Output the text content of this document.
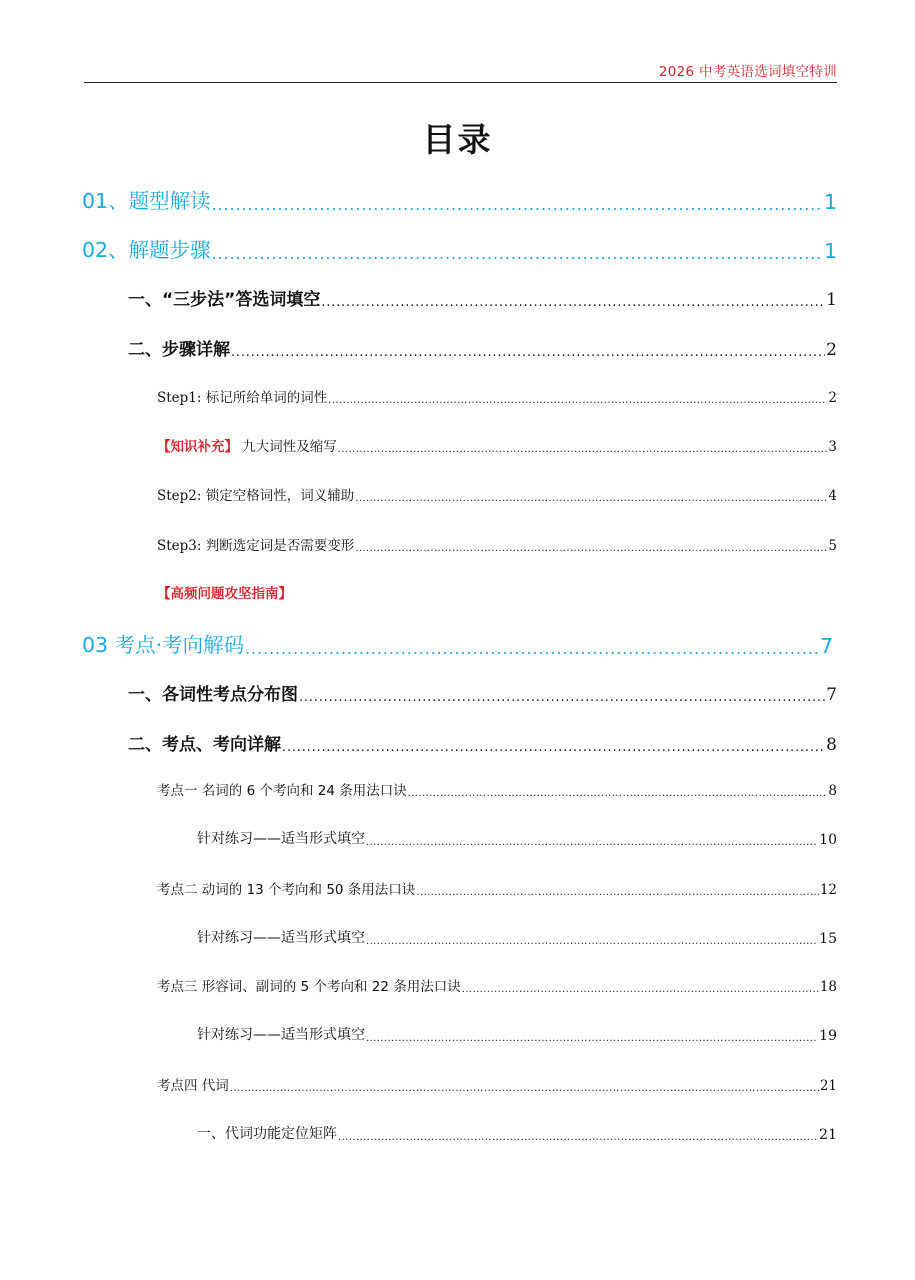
2026 中考英语选词填空特训
目录
01、题型解读 .....	1
02、解题步骤 .....	1
一、“三步法”答选词填空 .....	1
二、步骤详解 .....	2
Step1: 标记所给单词的词性 .....	2
【知识补充】 九大词性及缩写 .....	3
Step2: 锁定空格词性，词义辅助 .....	4
Step3: 判断选定词是否需要变形 .....	5
【高频问题攻坚指南】
03 考点·考向解码 .....	7
一、各词性考点分布图 .....	7
二、考点、考向详解 .....	8
考点一 名词的 6 个考向和 24 条用法口诀 .....	8
针对练习——适当形式填空 .....	10
考点二 动词的 13 个考向和 50 条用法口诀 .....	12
针对练习——适当形式填空 .....	15
考点三 形容词、副词的 5 个考向和 22 条用法口诀 .....	18
针对练习——适当形式填空 .....	19
考点四 代词 .....	21
一、代词功能定位矩阵 .....	21
